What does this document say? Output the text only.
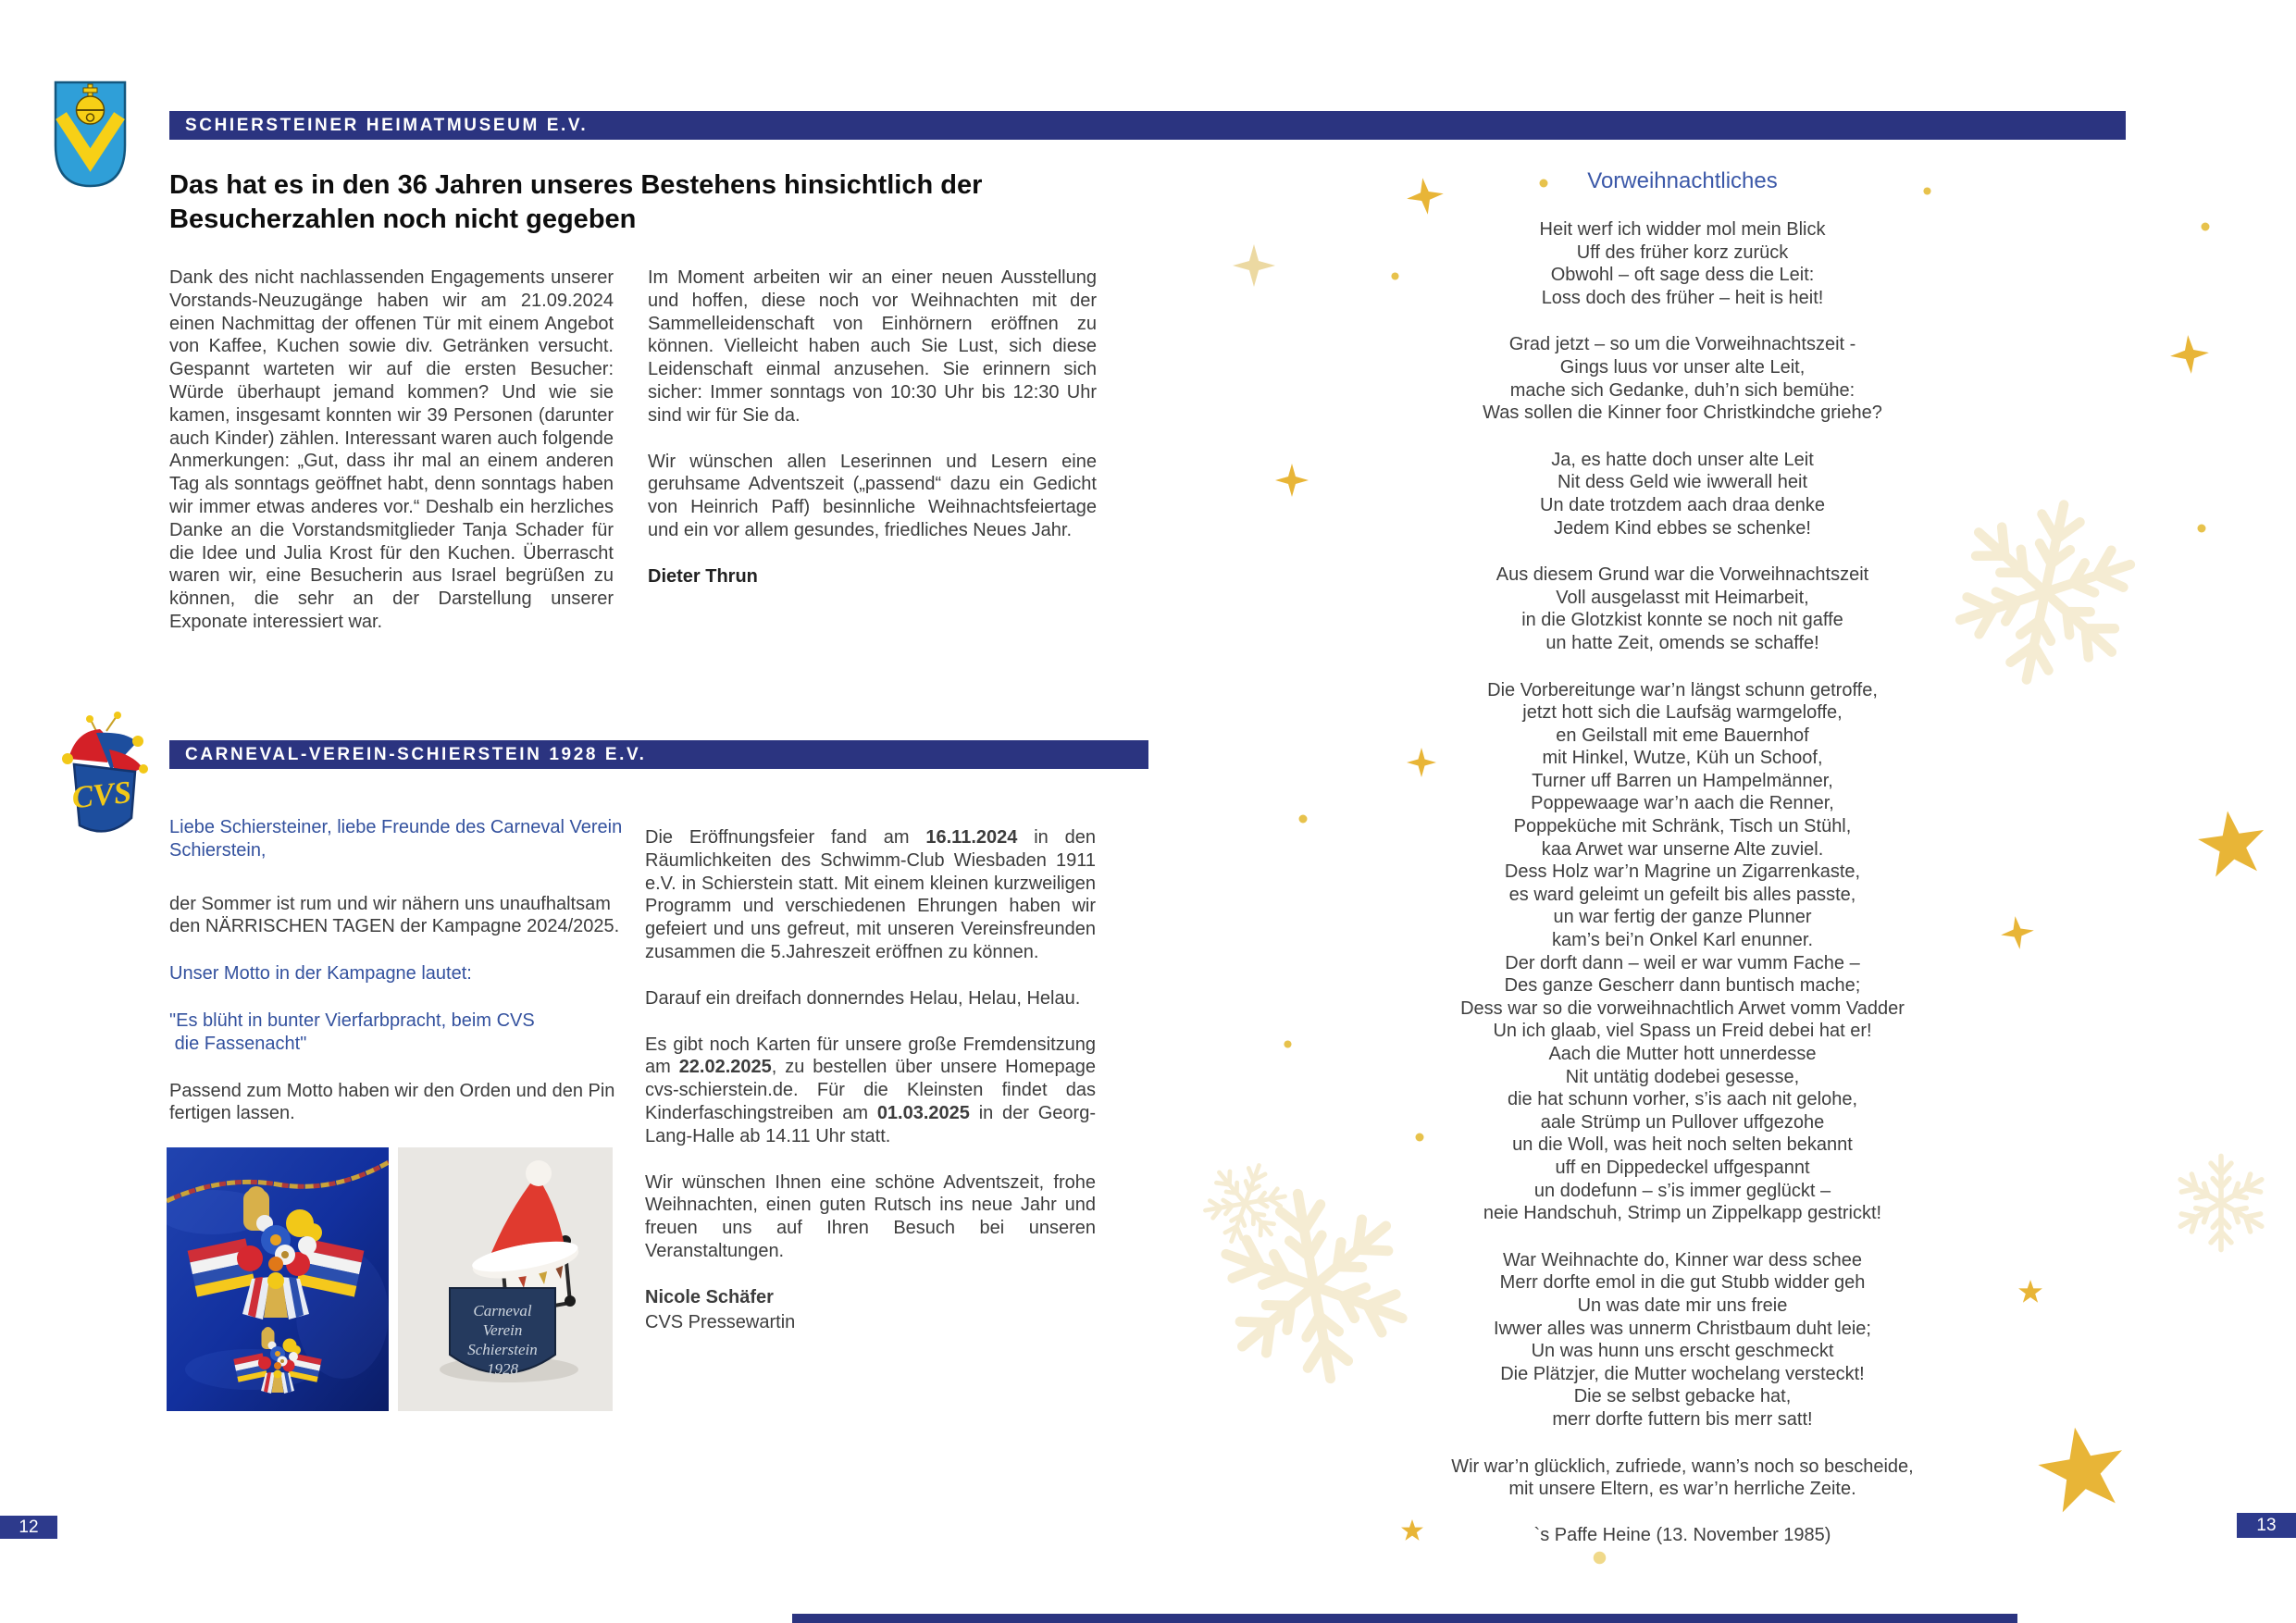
SCHIERSTEINER HEIMATMUSEUM E.V.
Das hat es in den 36 Jahren unseres Bestehens hinsichtlich der Besucherzahlen noch nicht gegeben
Dank des nicht nachlassenden Engagements unserer Vorstands-Neuzugänge haben wir am 21.09.2024 einen Nachmittag der offenen Tür mit einem Angebot von Kaffee, Kuchen sowie div. Getränken versucht. Gespannt warteten wir auf die ersten Besucher: Würde überhaupt jemand kommen? Und wie sie kamen, insgesamt konnten wir 39 Personen (darunter auch Kinder) zählen. Interessant waren auch folgende Anmerkungen: „Gut, dass ihr mal an einem anderen Tag als sonntags geöffnet habt, denn sonntags haben wir immer etwas anderes vor.“ Deshalb ein herzliches Danke an die Vorstandsmitglieder Tanja Schader für die Idee und Julia Krost für den Kuchen. Überrascht waren wir, eine Besucherin aus Israel begrüßen zu können, die sehr an der Darstellung unserer Exponate interessiert war.

Im Moment arbeiten wir an einer neuen Ausstellung und hoffen, diese noch vor Weihnachten mit der Sammelleidenschaft von Einhörnern eröffnen zu können. Vielleicht haben auch Sie Lust, sich diese Leidenschaft einmal anzusehen. Sie erinnern sich sicher: Immer sonntags von 10:30 Uhr bis 12:30 Uhr sind wir für Sie da.

Wir wünschen allen Leserinnen und Lesern eine geruhsame Adventszeit („passend“ dazu ein Gedicht von Heinrich Paff) besinnliche Weihnachtsfeiertage und ein vor allem gesundes, friedliches Neues Jahr.

Dieter Thrun

CVS
CARNEVAL-VEREIN-SCHIERSTEIN 1928 E.V.
Liebe Schiersteiner, liebe Freunde des Carneval Verein
Schierstein,
der Sommer ist rum und wir nähern uns unaufhaltsam den NÄRRISCHEN TAGEN der Kampagne 2024/2025.
Unser Motto in der Kampagne lautet:
"Es blüht in bunter Vierfarbpracht, beim CVS
die Fassenacht"
Passend zum Motto haben wir den Orden und den Pin fertigen lassen.

Die Eröffnungsfeier fand am 16.11.2024 in den Räumlichkeiten des Schwimm-Club Wiesbaden 1911 e.V. in Schierstein statt. Mit einem kleinen kurzweiligen Programm und verschiedenen Ehrungen haben wir gefeiert und uns gefreut, mit unseren Vereinsfreunden zusammen die 5.Jahreszeit eröffnen zu können.

Darauf ein dreifach donnerndes Helau, Helau, Helau.

Es gibt noch Karten für unsere große Fremdensitzung am 22.02.2025, zu bestellen über unsere Homepage cvs-schierstein.de. Für die Kleinsten findet das Kinderfaschingstreiben am 01.03.2025 in der Georg-Lang-Halle ab 14.11 Uhr statt.

Wir wünschen Ihnen eine schöne Adventszeit, frohe Weihnachten, einen guten Rutsch ins neue Jahr und freuen uns auf Ihren Besuch bei unseren Veranstaltungen.

Nicole Schäfer

CVS Pressewartin

Carneval
Verein
Schierstein
1928
Vorweihnachtliches
Heit werf ich widder mol mein Blick
Uff des früher korz zurück
Obwohl – oft sage dess die Leit:
Loss doch des früher – heit is heit!
Grad jetzt – so um die Vorweihnachtszeit -
Gings luus vor unser alte Leit,
mache sich Gedanke, duh’n sich bemühe:
Was sollen die Kinner foor Christkindche griehe?
Ja, es hatte doch unser alte Leit
Nit dess Geld wie iwwerall heit
Un date trotzdem aach draa denke
Jedem Kind ebbes se schenke!
Aus diesem Grund war die Vorweihnachtszeit
Voll ausgelasst mit Heimarbeit,
in die Glotzkist konnte se noch nit gaffe
un hatte Zeit, omends se schaffe!
Die Vorbereitunge war’n längst schunn getroffe,
jetzt hott sich die Laufsäg warmgeloffe,
en Geilstall mit eme Bauernhof
mit Hinkel, Wutze, Küh un Schoof,
Turner uff Barren un Hampelmänner,
Poppewaage war’n aach die Renner,
Poppeküche mit Schränk, Tisch un Stühl,
kaa Arwet war unserne Alte zuviel.
Dess Holz war’n Magrine un Zigarrenkaste,
es ward geleimt un gefeilt bis alles passte,
un war fertig der ganze Plunner
kam’s bei’n Onkel Karl enunner.
Der dorft dann – weil er war vumm Fache –
Des ganze Gescherr dann buntisch mache;
Dess war so die vorweihnachtlich Arwet vomm Vadder
Un ich glaab, viel Spass un Freid debei hat er!
Aach die Mutter hott unnerdesse
Nit untätig dodebei gesesse,
die hat schunn vorher, s’is aach nit gelohe,
aale Strümp un Pullover uffgezohe
un die Woll, was heit noch selten bekannt
uff en Dippedeckel uffgespannt
un dodefunn – s’is immer geglückt –
neie Handschuh, Strimp un Zippelkapp gestrickt!
War Weihnachte do, Kinner war dess schee
Merr dorfte emol in die gut Stubb widder geh
Un was date mir uns freie
Iwwer alles was unnerm Christbaum duht leie;
Un was hunn uns erscht geschmeckt
Die Plätzjer, die Mutter wochelang versteckt!
Die se selbst gebacke hat,
merr dorfte futtern bis merr satt!
Wir war’n glücklich, zufriede, wann’s noch so bescheide,
mit unsere Eltern, es war’n herrliche Zeite.
`s Paffe Heine (13. November 1985)
12	13
